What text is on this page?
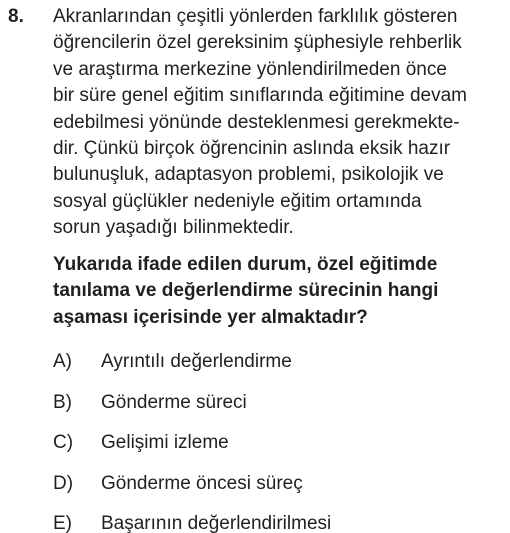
8. Akranlarından çeşitli yönlerden farklılık gösteren
öğrencilerin özel gereksinim şüphesiyle rehberlik
ve araştırma merkezine yönlendirilmeden önce
bir süre genel eğitim sınıflarında eğitimine devam
edebilmesi yönünde desteklenmesi gerekmekte-
dir. Çünkü birçok öğrencinin aslında eksik hazır
bulunuşluk, adaptasyon problemi, psikolojik ve
sosyal güçlükler nedeniyle eğitim ortamında
sorun yaşadığı bilinmektedir.
Yukarıda ifade edilen durum, özel eğitimde
tanılama ve değerlendirme sürecinin hangi
aşaması içerisinde yer almaktadır?
A)	Ayrıntılı değerlendirme
B)	Gönderme süreci
C)	Gelişimi izleme
D)	Gönderme öncesi süreç
E)	Başarının değerlendirilmesi
